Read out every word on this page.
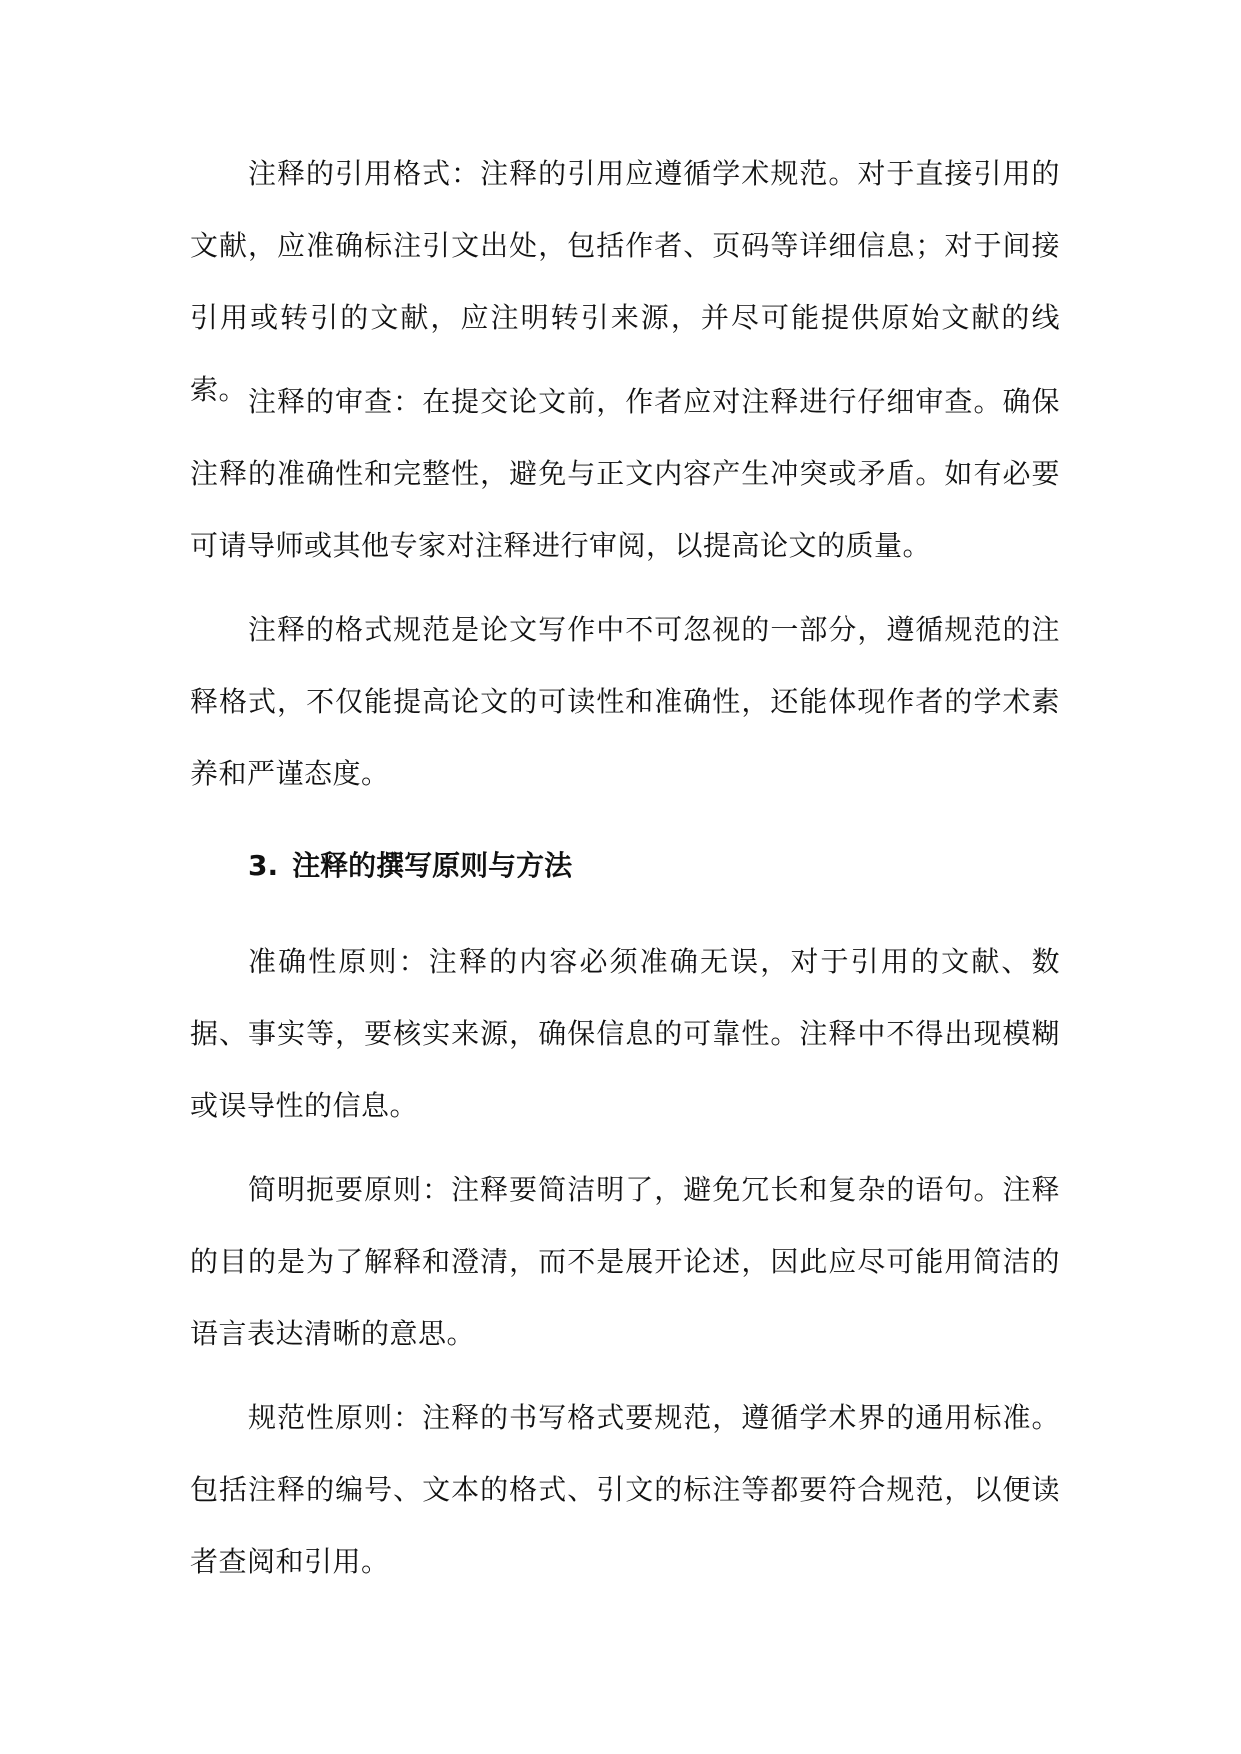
注释的引用格式：注释的引用应遵循学术规范。对于直接引用的文献，应准确标注引文出处，包括作者、页码等详细信息；对于间接引用或转引的文献，应注明转引来源，并尽可能提供原始文献的线索。 注释的审查：在提交论文前，作者应对注释进行仔细审查。确保注释的准确性和完整性，避免与正文内容产生冲突或矛盾。如有必要可请导师或其他专家对注释进行审阅，以提高论文的质量。

注释的格式规范是论文写作中不可忽视的一部分，遵循规范的注释格式，不仅能提高论文的可读性和准确性，还能体现作者的学术素养和严谨态度。

3. 注释的撰写原则与方法

准确性原则：注释的内容必须准确无误，对于引用的文献、数据、事实等，要核实来源，确保信息的可靠性。注释中不得出现模糊或误导性的信息。

简明扼要原则：注释要简洁明了，避免冗长和复杂的语句。注释的目的是为了解释和澄清，而不是展开论述，因此应尽可能用简洁的语言表达清晰的意思。

规范性原则：注释的书写格式要规范，遵循学术界的通用标准。包括注释的编号、文本的格式、引文的标注等都要符合规范，以便读者查阅和引用。
